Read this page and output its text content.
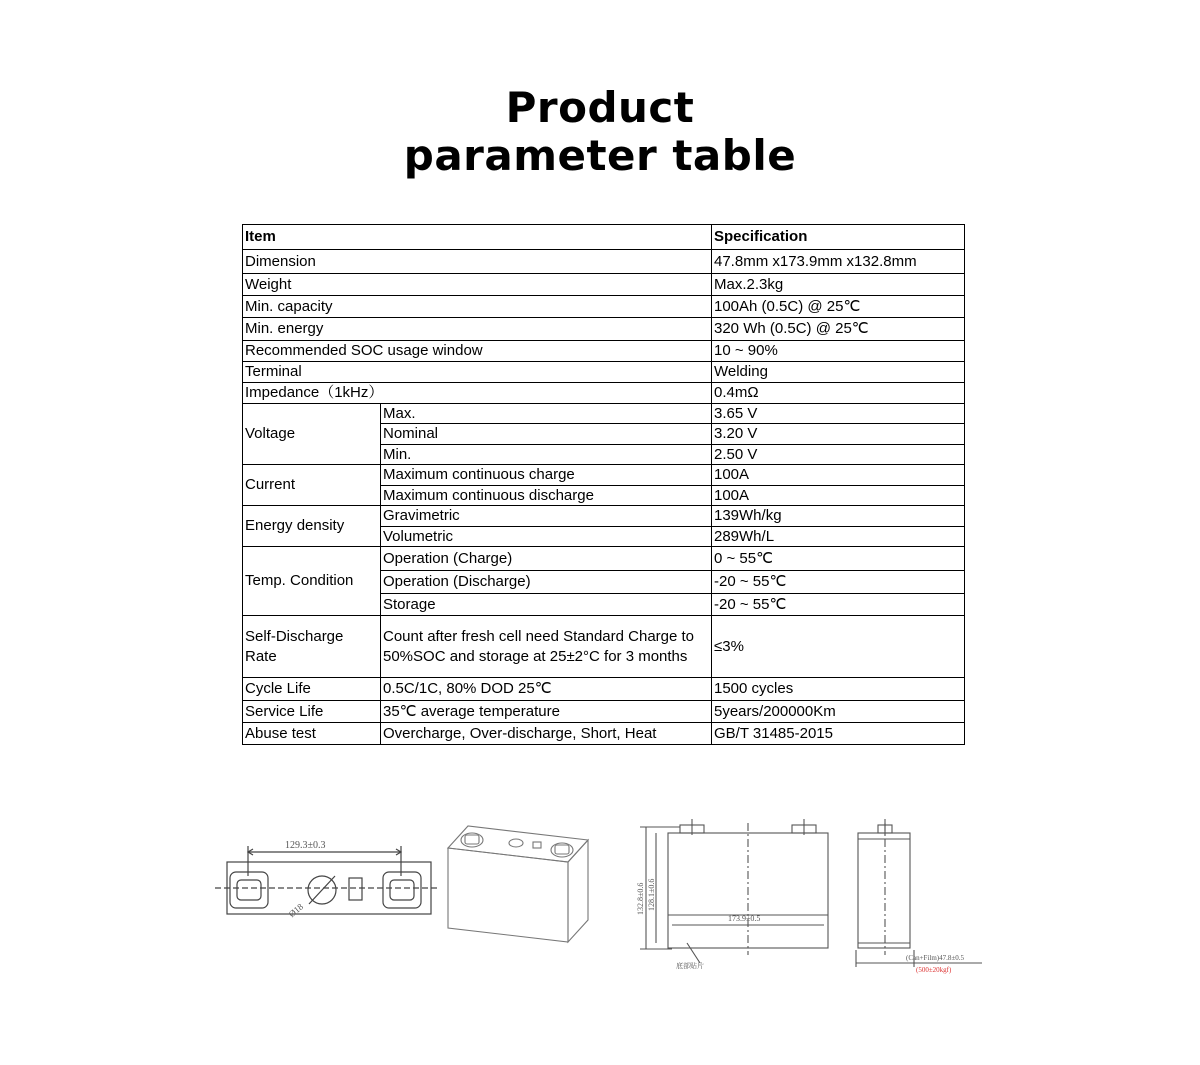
Product
parameter table
Item		Specification
Dimension		47.8mm x173.9mm x132.8mm
Weight		Max.2.3kg
Min. capacity		100Ah (0.5C) @ 25℃
Min. energy		320 Wh (0.5C) @ 25℃
Recommended SOC usage window		10 ~ 90%
Terminal		Welding
Impedance（1kHz）		0.4mΩ
Voltage	Max.	3.65 V
	Nominal	3.20 V
	Min.	2.50 V
Current	Maximum continuous charge	100A
	Maximum continuous discharge	100A
Energy density	Gravimetric	139Wh/kg
	Volumetric	289Wh/L
Temp. Condition	Operation (Charge)	0 ~ 55℃
	Operation (Discharge)	-20 ~ 55℃
	Storage	-20 ~ 55℃
Self-Discharge Rate	Count after fresh cell need Standard Charge to 50%SOC and storage at 25±2°C for 3 months	≤3%
Cycle Life	0.5C/1C, 80% DOD 25℃	1500 cycles
Service Life	35℃ average temperature	5years/200000Km
Abuse test	Overcharge, Over-discharge, Short, Heat	GB/T 31485-2015
129.3±0.3
Ø18	132.8±0.6 128.1±0.6
173.9±0.5
底部贴片
(Can+Film)47.8±0.5
(500±20kgf)
